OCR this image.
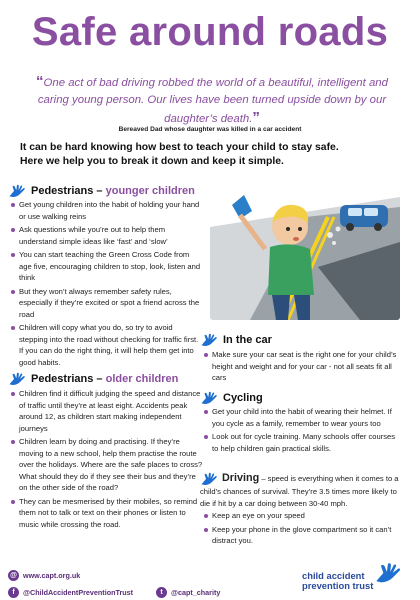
Safe around roads
“One act of bad driving robbed the world of a beautiful, intelligent and caring young person. Our lives have been turned upside down by our daughter’s death.”
Bereaved Dad whose daughter was killed in a car accident
It can be hard knowing how best to teach your child to stay safe.
Here we help you to break it down and keep it simple.
Pedestrians –
younger children
Get young children into the habit of holding your hand or use walking reins
Ask questions while you’re out to help them understand simple ideas like ‘fast’ and ‘slow’
You can start teaching the Green Cross Code from age five, encouraging children to stop, look, listen and think
But they won’t always remember safety rules, especially if they’re excited or spot a friend across the road
Children will copy what you do, so try to avoid stepping into the road without checking for traffic first. If you can do the right thing, it will help them get into good habits.
Pedestrians –
older children
Children find it difficult judging the speed and distance of traffic until they’re at least eight. Accidents peak around 12, as children start making independent journeys
Children learn by doing and practising. If they’re moving to a new school, help them practise the route over the holidays. Where are the safe places to cross? What should they do if they see their bus and they’re on the other side of the road?
They can be mesmerised by their mobiles, so remind them not to talk or text on their phones or listen to music while crossing the road.
In the car
Make sure your car seat is the right one for your child’s height and weight and for your car - not all seats fit all cars
Cycling
Get your child into the habit of wearing their helmet. If you cycle as a family, remember to wear yours too
Look out for cycle training. Many schools offer courses to help children gain practical skills.
Driving – speed is everything when it comes to a child’s chances of survival. They’re 3.5 times more likely to die if hit by a car doing between 30-40 mph.
Keep an eye on your speed
Keep your phone in the glove compartment so it can’t distract you.
@ www.capt.org.uk
f	@ChildAccidentPreventionTrust	t	@capt_charity
child accident
prevention trust
